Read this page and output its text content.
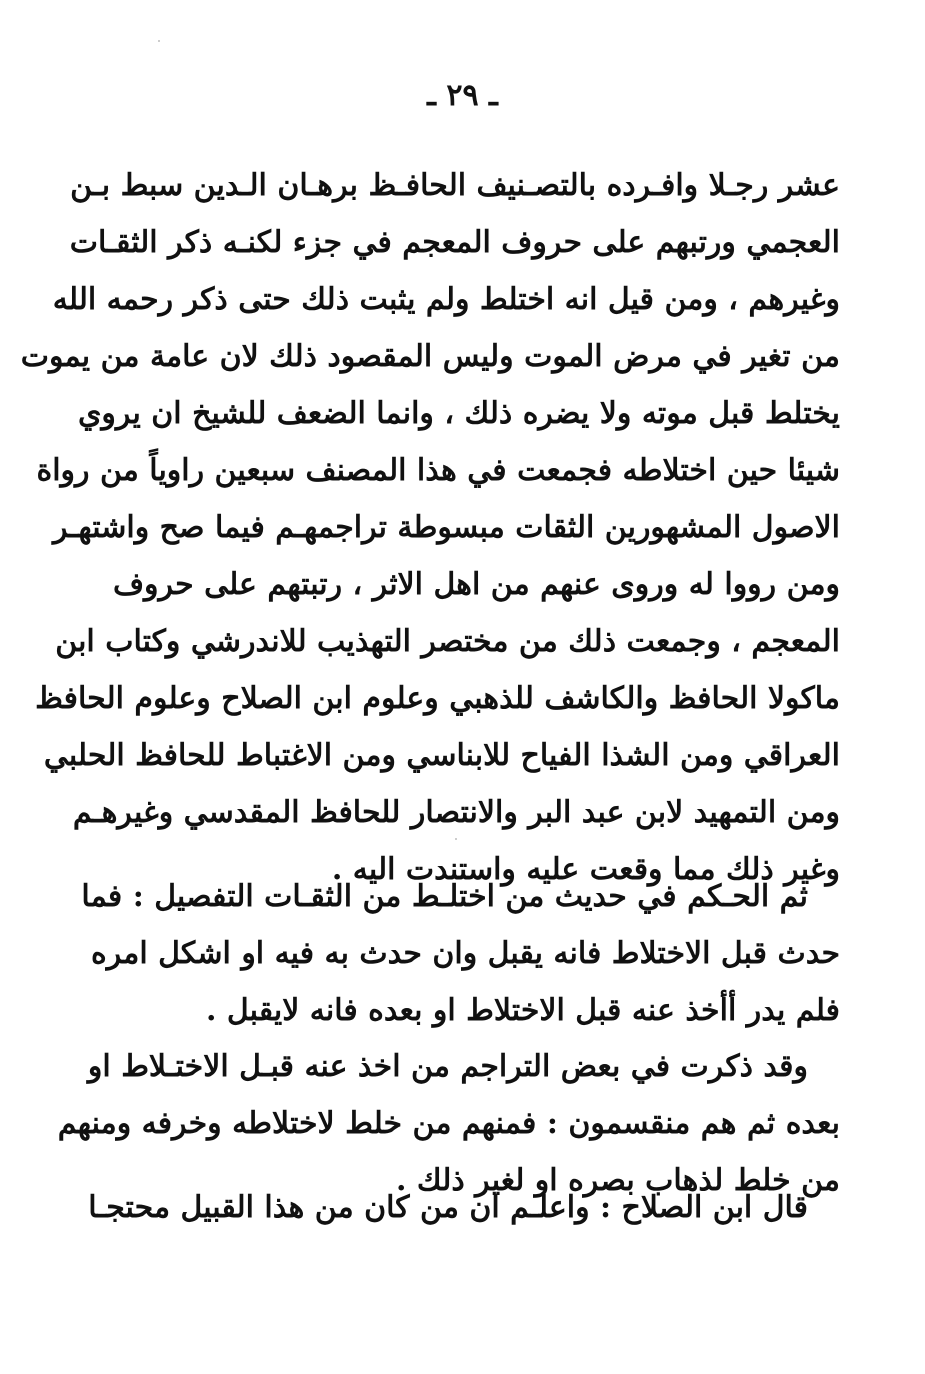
ـ ٢٩ ـ
عشر رجـلا وافـرده بالتصـنيف الحافـظ برهـان الـدين سبط بـن
العجمي ورتبهم على حروف المعجم في جزء لكنـه ذكر الثقـات
وغيرهم ، ومن قيل انه اختلط ولم يثبت ذلك حتى ذكر رحمه الله
من تغير في مرض الموت وليس المقصود ذلك لان عامة من يموت
يختلط قبل موته ولا يضره ذلك ، وانما الضعف للشيخ ان يروي
شيئا حين اختلاطه فجمعت في هذا المصنف سبعين راوياً من رواة
الاصول المشهورين الثقات مبسوطة تراجمهـم فيما صح واشتهـر
ومن رووا له وروى عنهم من اهل الاثر ، رتبتهم على حروف
المعجم ، وجمعت ذلك من مختصر التهذيب للاندرشي وكتاب ابن
ماكولا الحافظ والكاشف للذهبي وعلوم ابن الصلاح وعلوم الحافظ
العراقي ومن الشذا الفياح للابناسي ومن الاغتباط للحافظ الحلبي
ومن التمهيد لابن عبد البر والانتصار للحافظ المقدسي وغيرهـم
وغير ذلك مما وقعت عليه واستندت اليه .
ثم الحـكم في حديث من اختلـط من الثقـات التفصيل : فما
حدث قبل الاختلاط فانه يقبل وان حدث به فيه او اشكل امره
فلم يدر أأخذ عنه قبل الاختلاط او بعده فانه لايقبل .
وقد ذكرت في بعض التراجم من اخذ عنه قبـل الاختـلاط او
بعده ثم هم منقسمون : فمنهم من خلط لاختلاطه وخرفه ومنهم
من خلط لذهاب بصره او لغير ذلك .
قال ابن الصلاح : واعلـم ان من كان من هذا القبيل محتجـا
